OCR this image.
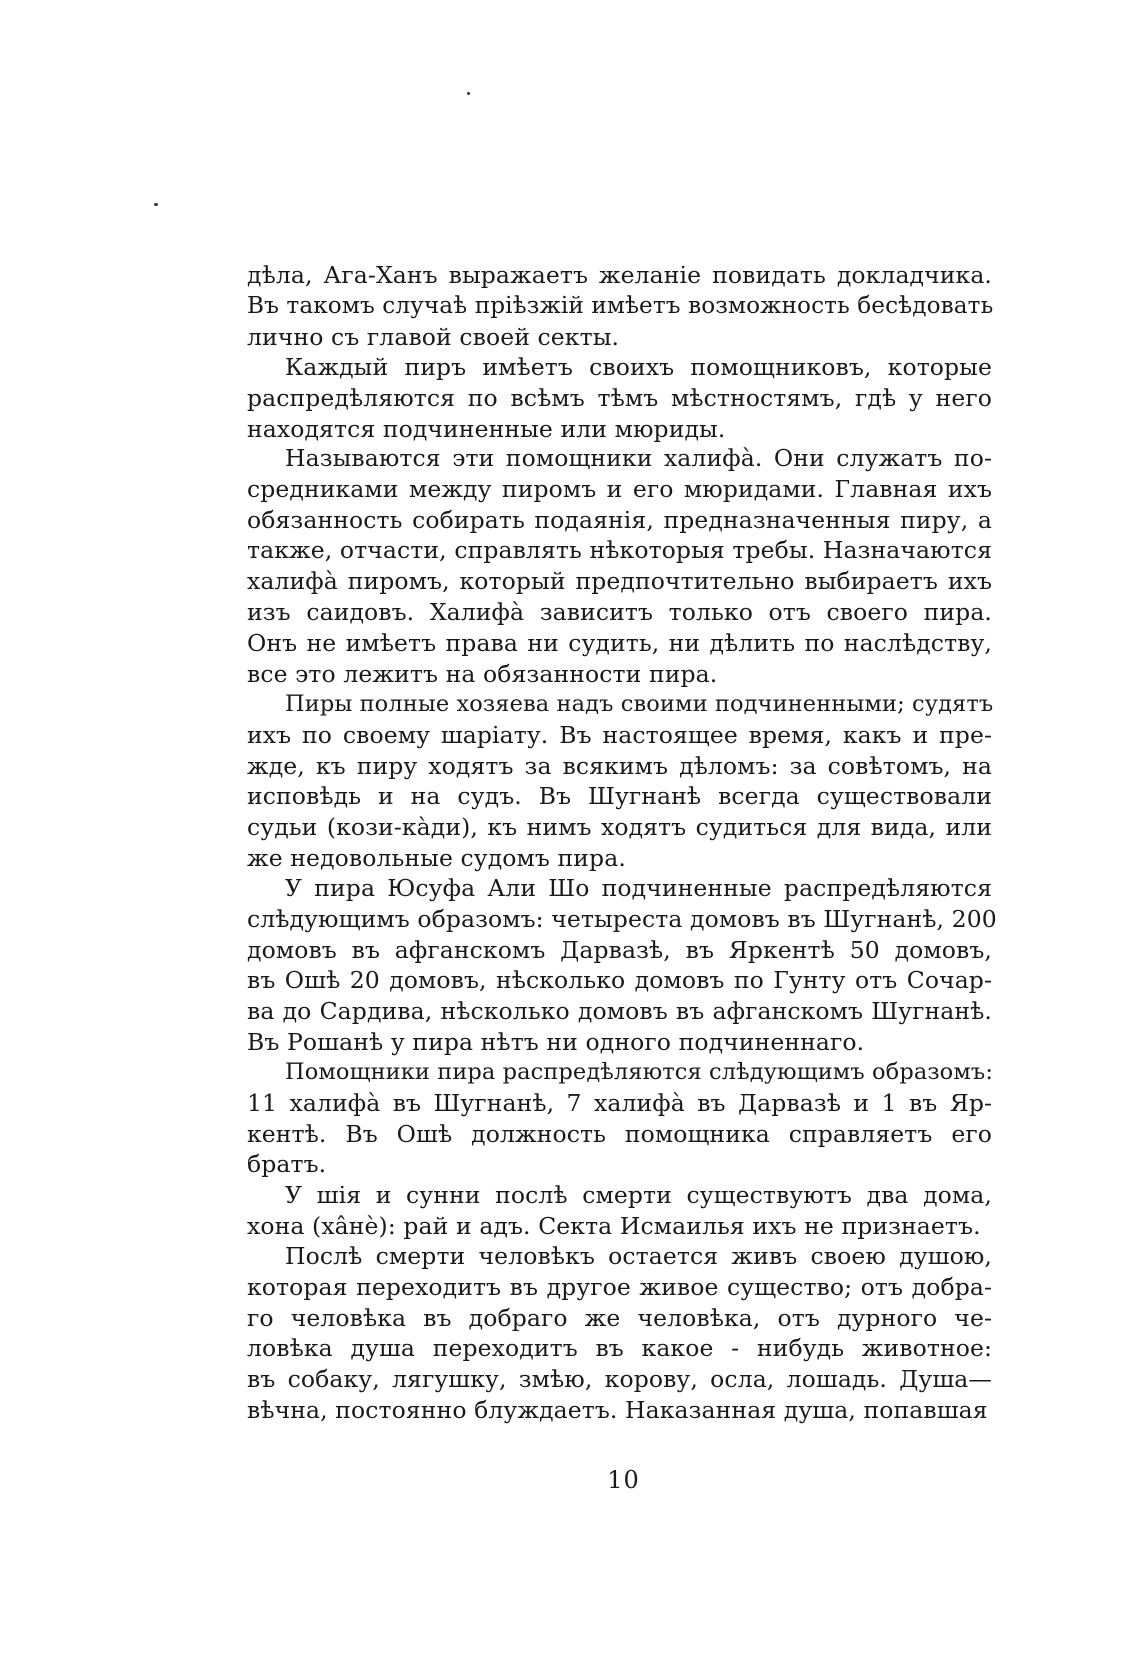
дѣла, Ага-Ханъ выражаетъ желаніе повидать докладчика.
Въ такомъ случаѣ пріѣзжій имѣетъ возможность бесѣдовать
лично съ главой своей секты.
Каждый пиръ имѣетъ своихъ помощниковъ, которые
распредѣляются по всѣмъ тѣмъ мѣстностямъ, гдѣ у него
находятся подчиненные или мюриды.
Называются эти помощники халифа̀. Они служатъ по-
средниками между пиромъ и его мюридами. Главная ихъ
обязанность собирать подаянія, предназначенныя пиру, а
также, отчасти, справлять нѣкоторыя требы. Назначаются
халифа̀ пиромъ, который предпочтительно выбираетъ ихъ
изъ саидовъ. Халифа̀ зависитъ только отъ своего пира.
Онъ не имѣетъ права ни судить, ни дѣлить по наслѣдству,
все это лежитъ на обязанности пира.
Пиры полные хозяева надъ своими подчиненными; судятъ
ихъ по своему шаріату. Въ настоящее время, какъ и пре-
жде, къ пиру ходятъ за всякимъ дѣломъ: за совѣтомъ, на
исповѣдь и на судъ. Въ Шугнанѣ всегда существовали
судьи (кози-кàди), къ нимъ ходятъ судиться для вида, или
же недовольные судомъ пира.
У пира Юсуфа Али Шо подчиненные распредѣляются
слѣдующимъ образомъ: четыреста домовъ въ Шугнанѣ, 200
домовъ въ афганскомъ Дарвазѣ, въ Яркентѣ 50 домовъ,
въ Ошѣ 20 домовъ, нѣсколько домовъ по Гунту отъ Сочар-
ва до Сардива, нѣсколько домовъ въ афганскомъ Шугнанѣ.
Въ Рошанѣ у пира нѣтъ ни одного подчиненнаго.
Помощники пира распредѣляются слѣдующимъ образомъ:
11 халифа̀ въ Шугнанѣ, 7 халифа̀ въ Дарвазѣ и 1 въ Яр-
кентѣ. Въ Ошѣ должность помощника справляетъ его
братъ.
У шія и сунни послѣ смерти существуютъ два дома,
хона (хâнè): рай и адъ. Секта Исмаилья ихъ не признаетъ.
Послѣ смерти человѣкъ остается живъ своею душою,
которая переходитъ въ другое живое существо; отъ добра-
го человѣка въ добраго же человѣка, отъ дурного че-
ловѣка душа переходитъ въ какое - нибудь животное:
въ собаку, лягушку, змѣю, корову, осла, лошадь. Душа—
вѣчна, постоянно блуждаетъ. Наказанная душа, попавшая
10
